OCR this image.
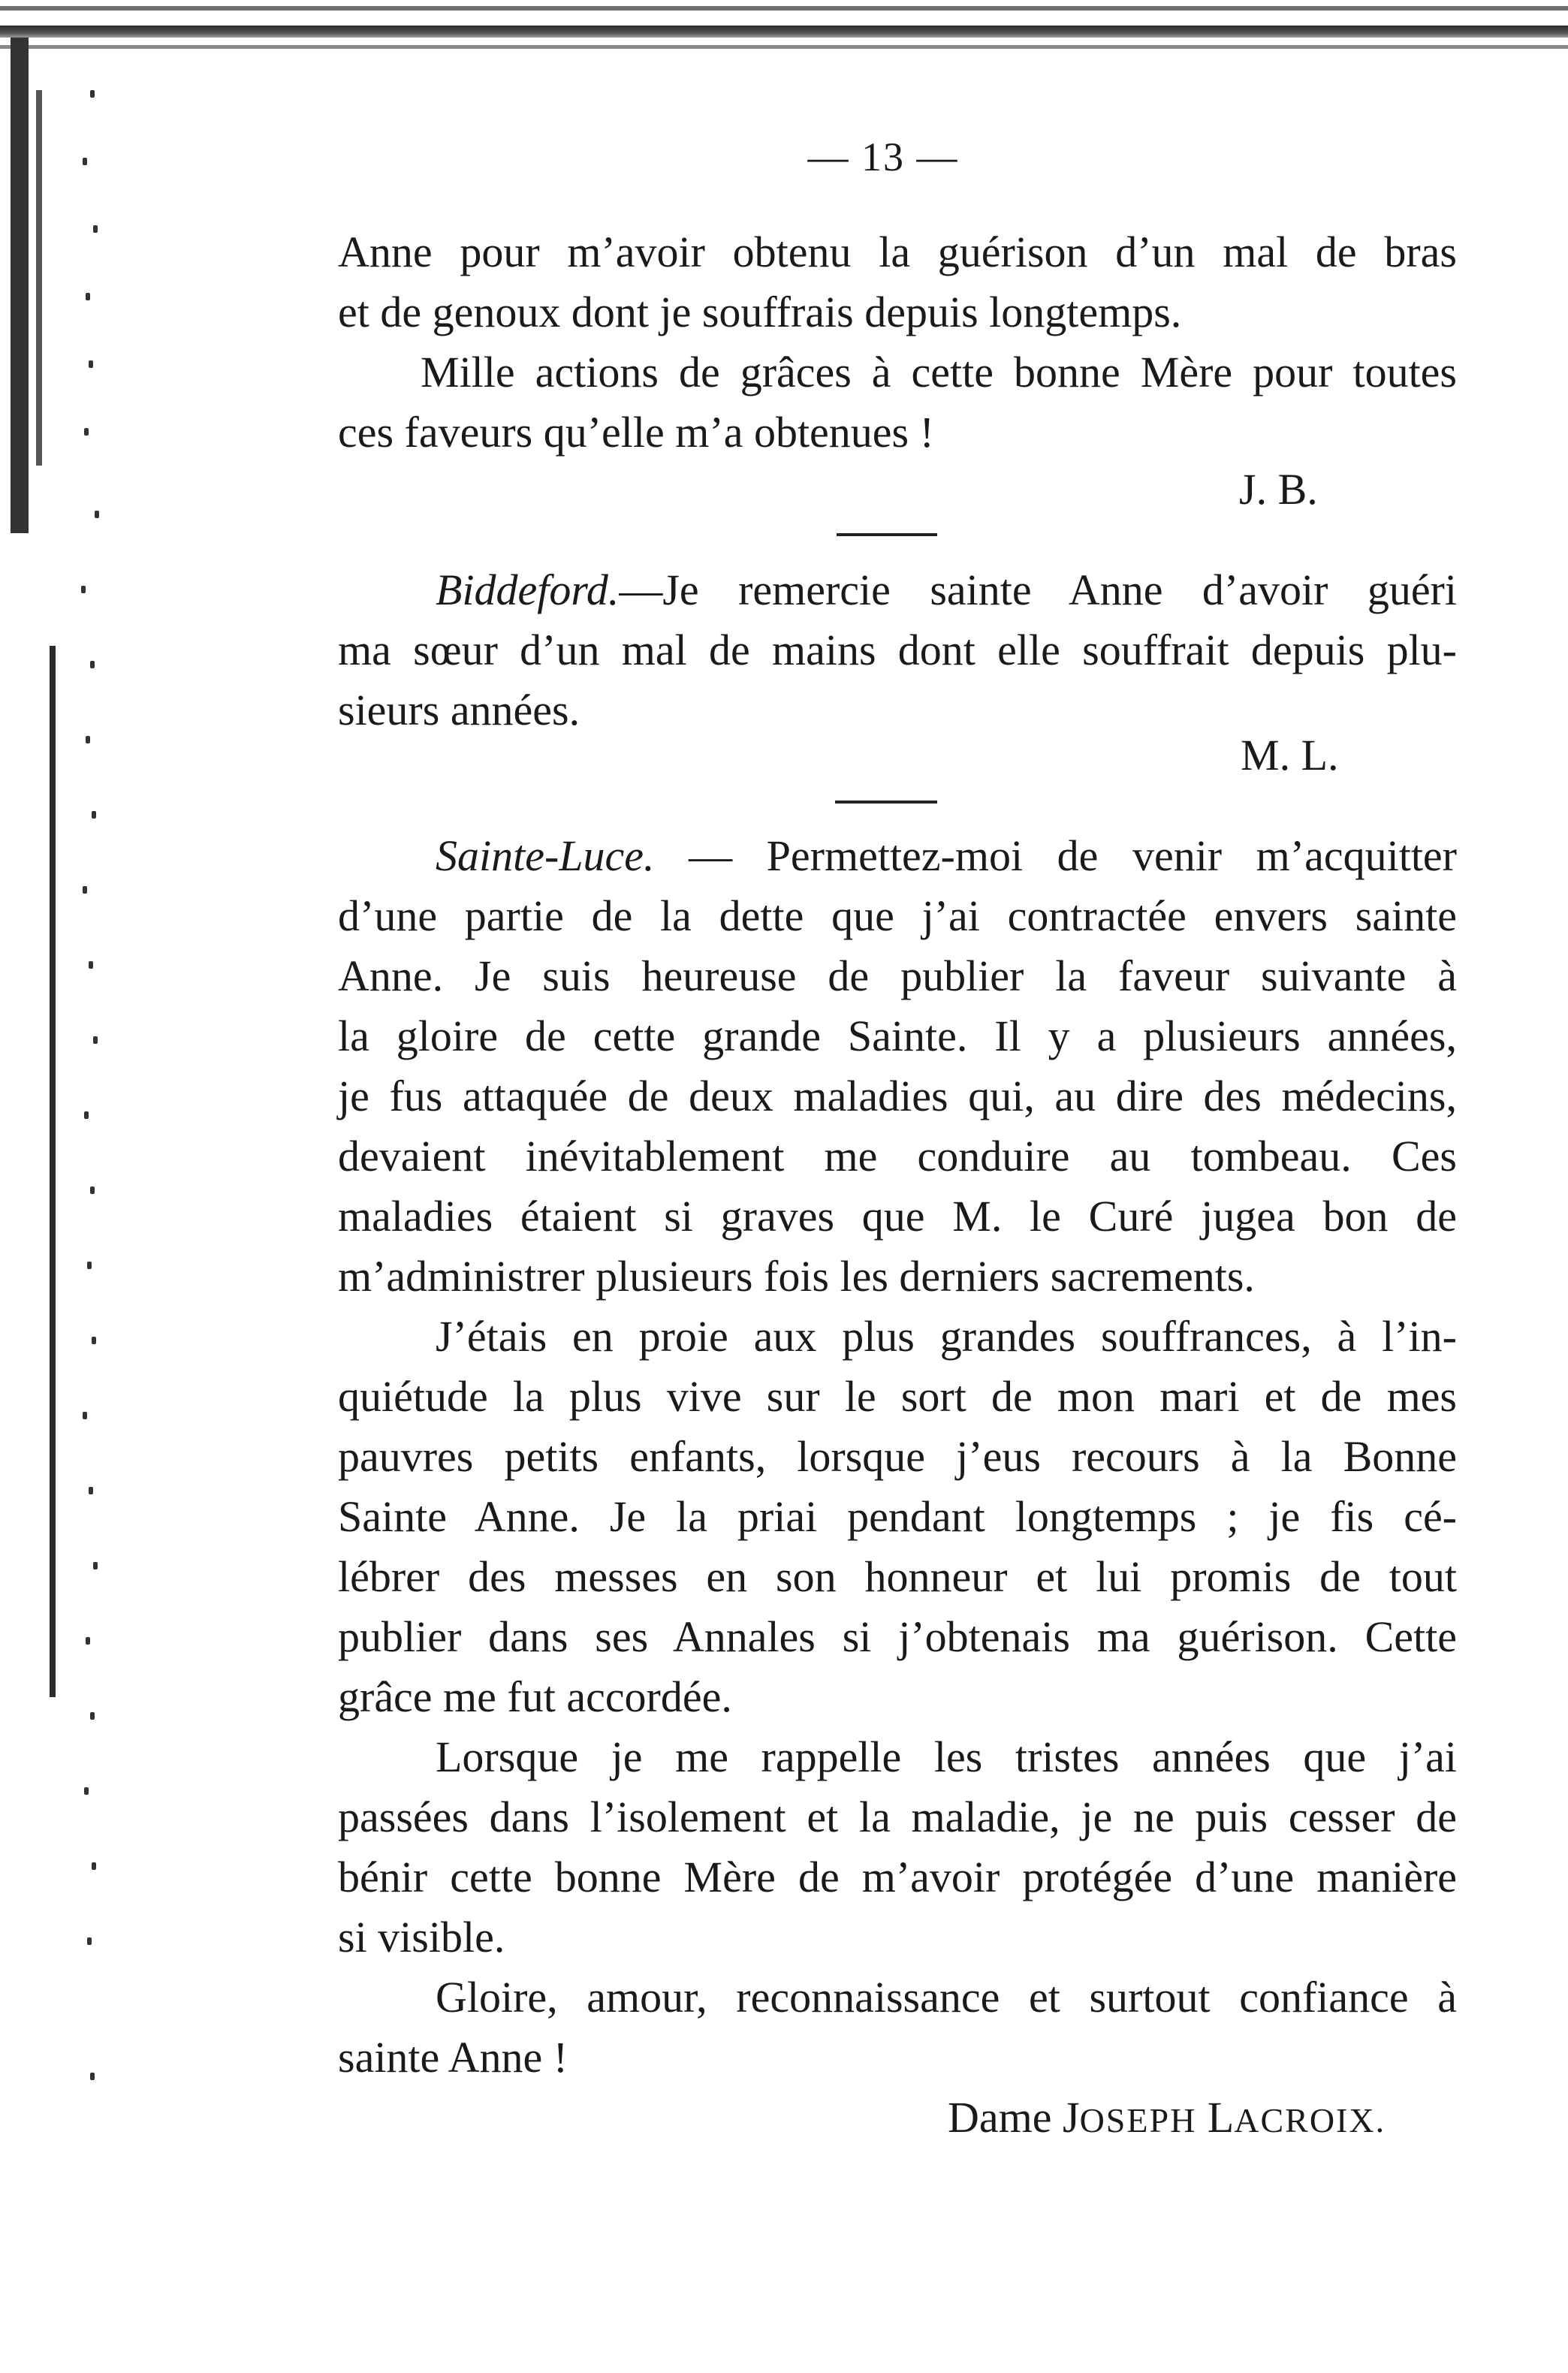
— 13 —

Anne pour m’avoir obtenu la guérison d’un mal de bras

et de genoux dont je souffrais depuis longtemps.

Mille actions de grâces à cette bonne Mère pour toutes

ces faveurs qu’elle m’a obtenues !

J. B.

Biddeford.—Je remercie sainte Anne d’avoir guéri

ma sœur d’un mal de mains dont elle souffrait depuis plu-

sieurs années.

M. L.

Sainte-Luce. — Permettez-moi de venir m’acquitter

d’une partie de la dette que j’ai contractée envers sainte

Anne. Je suis heureuse de publier la faveur suivante à

la gloire de cette grande Sainte. Il y a plusieurs années,

je fus attaquée de deux maladies qui, au dire des médecins,

devaient inévitablement me conduire au tombeau. Ces

maladies étaient si graves que M. le Curé jugea bon de

m’administrer plusieurs fois les derniers sacrements.

J’étais en proie aux plus grandes souffrances, à l’in-

quiétude la plus vive sur le sort de mon mari et de mes

pauvres petits enfants, lorsque j’eus recours à la Bonne

Sainte Anne. Je la priai pendant longtemps ; je fis cé-

lébrer des messes en son honneur et lui promis de tout

publier dans ses Annales si j’obtenais ma guérison. Cette

grâce me fut accordée.

Lorsque je me rappelle les tristes années que j’ai

passées dans l’isolement et la maladie, je ne puis cesser de

bénir cette bonne Mère de m’avoir protégée d’une manière

si visible.

Gloire, amour, reconnaissance et surtout confiance à

sainte Anne !

Dame JOSEPH LACROIX.
